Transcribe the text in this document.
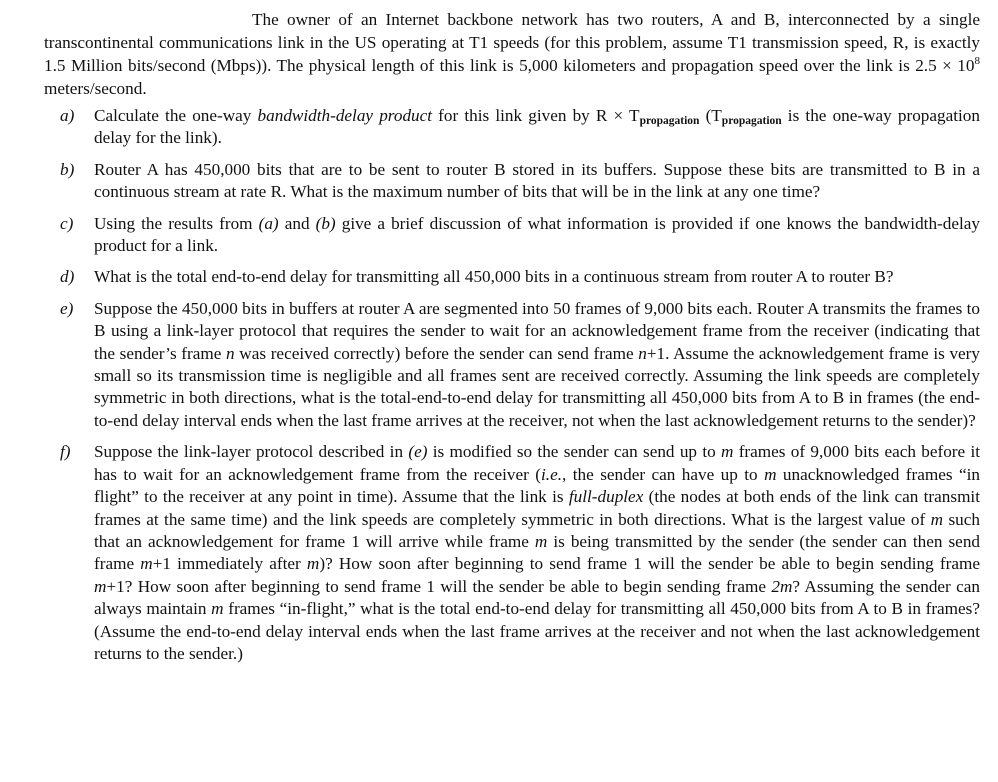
The owner of an Internet backbone network has two routers, A and B, interconnected by a single transcontinental communications link in the US operating at T1 speeds (for this problem, assume T1 transmission speed, R, is exactly 1.5 Million bits/second (Mbps)). The physical length of this link is 5,000 kilometers and propagation speed over the link is $2.5 \times 10^8$ meters/second.

a) Calculate the one-way bandwidth-delay product for this link given by $R \times T_{propagation}$ ($T_{propagation}$ is the one-way propagation delay for the link).

b) Router A has 450,000 bits that are to be sent to router B stored in its buffers. Suppose these bits are transmitted to B in a continuous stream at rate R. What is the maximum number of bits that will be in the link at any one time?

c) Using the results from (a) and (b) give a brief discussion of what information is provided if one knows the bandwidth-delay product for a link.

d) What is the total end-to-end delay for transmitting all 450,000 bits in a continuous stream from router A to router B?

e) Suppose the 450,000 bits in buffers at router A are segmented into 50 frames of 9,000 bits each. Router A transmits the frames to B using a link-layer protocol that requires the sender to wait for an acknowledgement frame from the receiver (indicating that the sender’s frame n was received correctly) before the sender can send frame n+1. Assume the acknowledgement frame is very small so its transmission time is negligible and all frames sent are received correctly. Assuming the link speeds are completely symmetric in both directions, what is the total-end-to-end delay for transmitting all 450,000 bits from A to B in frames (the end-to-end delay interval ends when the last frame arrives at the receiver, not when the last acknowledgement returns to the sender)?

f) Suppose the link-layer protocol described in (e) is modified so the sender can send up to m frames of 9,000 bits each before it has to wait for an acknowledgement frame from the receiver (i.e., the sender can have up to m unacknowledged frames “in flight” to the receiver at any point in time). Assume that the link is full-duplex (the nodes at both ends of the link can transmit frames at the same time) and the link speeds are completely symmetric in both directions. What is the largest value of m such that an acknowledgement for frame 1 will arrive while frame m is being transmitted by the sender (the sender can then send frame m+1 immediately after m)? How soon after beginning to send frame 1 will the sender be able to begin sending frame m+1? How soon after beginning to send frame 1 will the sender be able to begin sending frame 2m? Assuming the sender can always maintain m frames “in-flight,” what is the total end-to-end delay for transmitting all 450,000 bits from A to B in frames? (Assume the end-to-end delay interval ends when the last frame arrives at the receiver and not when the last acknowledgement returns to the sender.)
